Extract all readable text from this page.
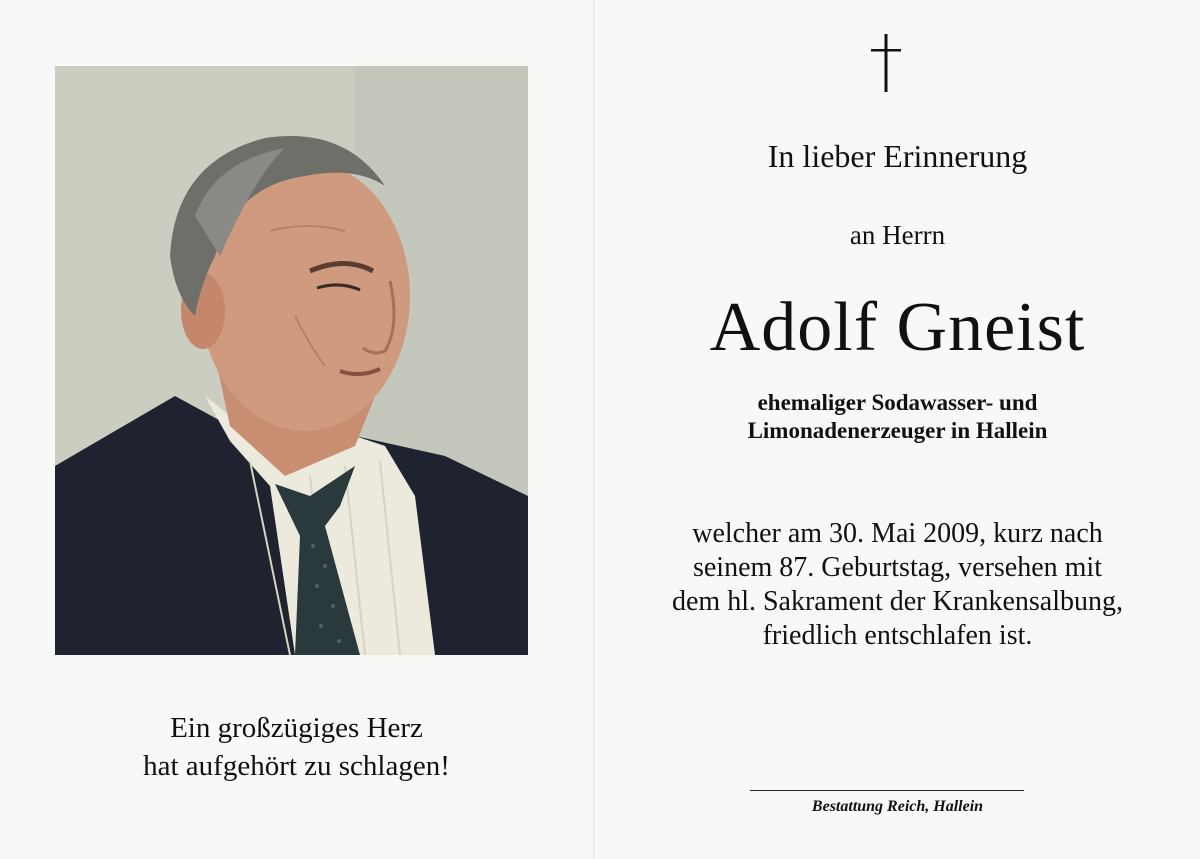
Ein großzügiges Herz
hat aufgehört zu schlagen!
In lieber Erinnerung
an Herrn
Adolf Gneist
ehemaliger Sodawasser- und
Limonadenerzeuger in Hallein
welcher am 30. Mai 2009, kurz nach
seinem 87. Geburtstag, versehen mit
dem hl. Sakrament der Krankensalbung,
friedlich entschlafen ist.
Bestattung Reich, Hallein
